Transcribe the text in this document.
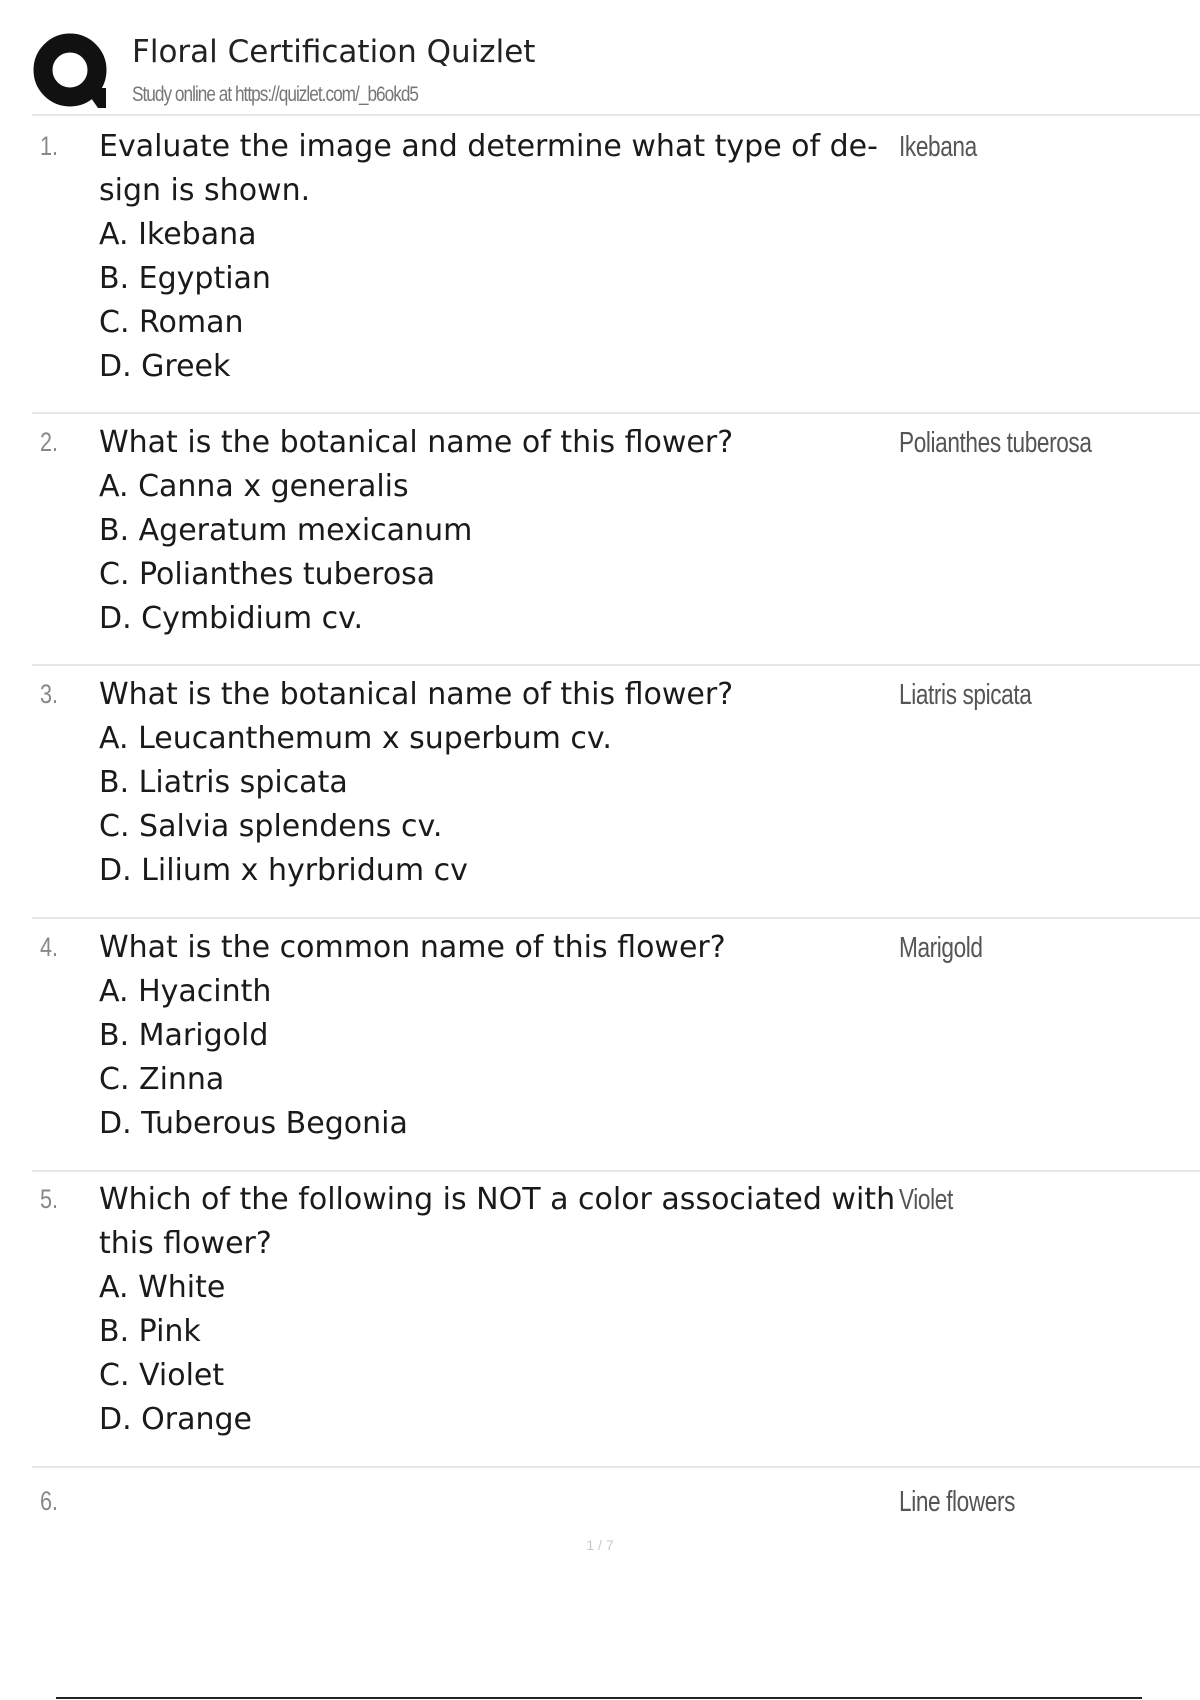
Floral Certification Quizlet
Study online at https://quizlet.com/_b6okd5
1. Evaluate the image and determine what type of de- sign is shown.
A. Ikebana
B. Egyptian
C. Roman
D. Greek
Ikebana
2. What is the botanical name of this flower?
A. Canna x generalis
B. Ageratum mexicanum
C. Polianthes tuberosa
D. Cymbidium cv.
Polianthes tuberosa
3. What is the botanical name of this flower?
A. Leucanthemum x superbum cv.
B. Liatris spicata
C. Salvia splendens cv.
D. Lilium x hyrbridum cv
Liatris spicata
4. What is the common name of this flower?
A. Hyacinth
B. Marigold
C. Zinna
D. Tuberous Begonia
Marigold
5. Which of the following is NOT a color associated with this flower?
A. White
B. Pink
C. Violet
D. Orange
Violet
6.	Line flowers
1 / 7
